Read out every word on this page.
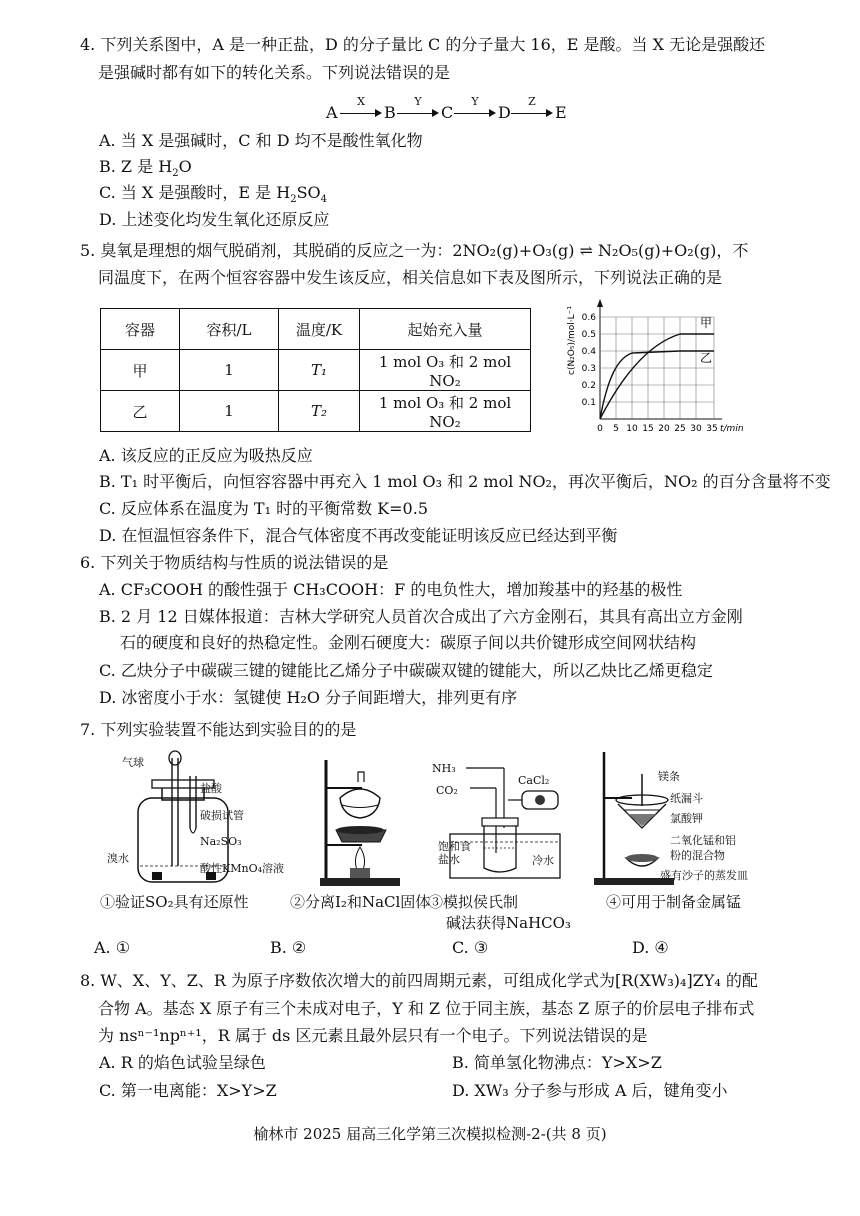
4. 下列关系图中，A 是一种正盐，D 的分子量比 C 的分子量大 16，E 是酸。当 X 无论是强酸还
是强碱时都有如下的转化关系。下列说法错误的是
A
X
B
Y
C
Y
D
Z
E
A. 当 X 是强碱时，C 和 D 均不是酸性氧化物
B. Z 是 $H_2O$
C. 当 X 是强酸时，E 是 $H_2SO_4$
D. 上述变化均发生氧化还原反应
5. 臭氧是理想的烟气脱硝剂，其脱硝的反应之一为：2NO₂(g)+O₃(g) ⇌ N₂O₅(g)+O₂(g)，不
同温度下，在两个恒容容器中发生该反应，相关信息如下表及图所示，下列说法正确的是
容器	容积/L	温度/K	起始充入量
甲	1	T₁	1 mol O₃ 和 2 mol NO₂
乙	1	T₂	1 mol O₃ 和 2 mol NO₂
c(N₂O₅)/mol·L⁻¹
0.1
0.2
0.3
0.4
0.5
0.6
0 5 10 15 20 25 30 35 t/min
甲
乙
A. 该反应的正反应为吸热反应
B. T₁ 时平衡后，向恒容容器中再充入 1 mol O₃ 和 2 mol NO₂，再次平衡后，NO₂ 的百分含量将不变
C. 反应体系在温度为 T₁ 时的平衡常数 K=0.5
D. 在恒温恒容条件下，混合气体密度不再改变能证明该反应已经达到平衡
6. 下列关于物质结构与性质的说法错误的是
A. CF₃COOH 的酸性强于 CH₃COOH：F 的电负性大，增加羧基中的羟基的极性
B. 2 月 12 日媒体报道：吉林大学研究人员首次合成出了六方金刚石，其具有高出立方金刚
石的硬度和良好的热稳定性。金刚石硬度大：碳原子间以共价键形成空间网状结构
C. 乙炔分子中碳碳三键的键能比乙烯分子中碳碳双键的键能大，所以乙炔比乙烯更稳定
D. 冰密度小于水：氢键使 H₂O 分子间距增大，排列更有序
7. 下列实验装置不能达到实验目的的是
气球
盐酸
破损试管
Na₂SO₃
溴水
酸性KMnO₄溶液
①验证SO₂具有还原性	②分离I₂和NaCl固体
NH₃
CO₂
CaCl₂
饱和食
盐水	冷水
③模拟侯氏制
碱法获得NaHCO₃
镁条
纸漏斗
氯酸钾
二氧化锰和铝
粉的混合物
盛有沙子的蒸发皿
④可用于制备金属锰
A. ①	B. ②	C. ③	D. ④
8. W、X、Y、Z、R 为原子序数依次增大的前四周期元素，可组成化学式为[R(XW₃)₄]ZY₄ 的配
合物 A。基态 X 原子有三个未成对电子，Y 和 Z 位于同主族，基态 Z 原子的价层电子排布式
为 nsⁿ⁻¹npⁿ⁺¹，R 属于 ds 区元素且最外层只有一个电子。下列说法错误的是
A. R 的焰色试验呈绿色	B. 简单氢化物沸点：Y>X>Z
C. 第一电离能：X>Y>Z	D. XW₃ 分子参与形成 A 后，键角变小
榆林市 2025 届高三化学第三次模拟检测-2-(共 8 页)
